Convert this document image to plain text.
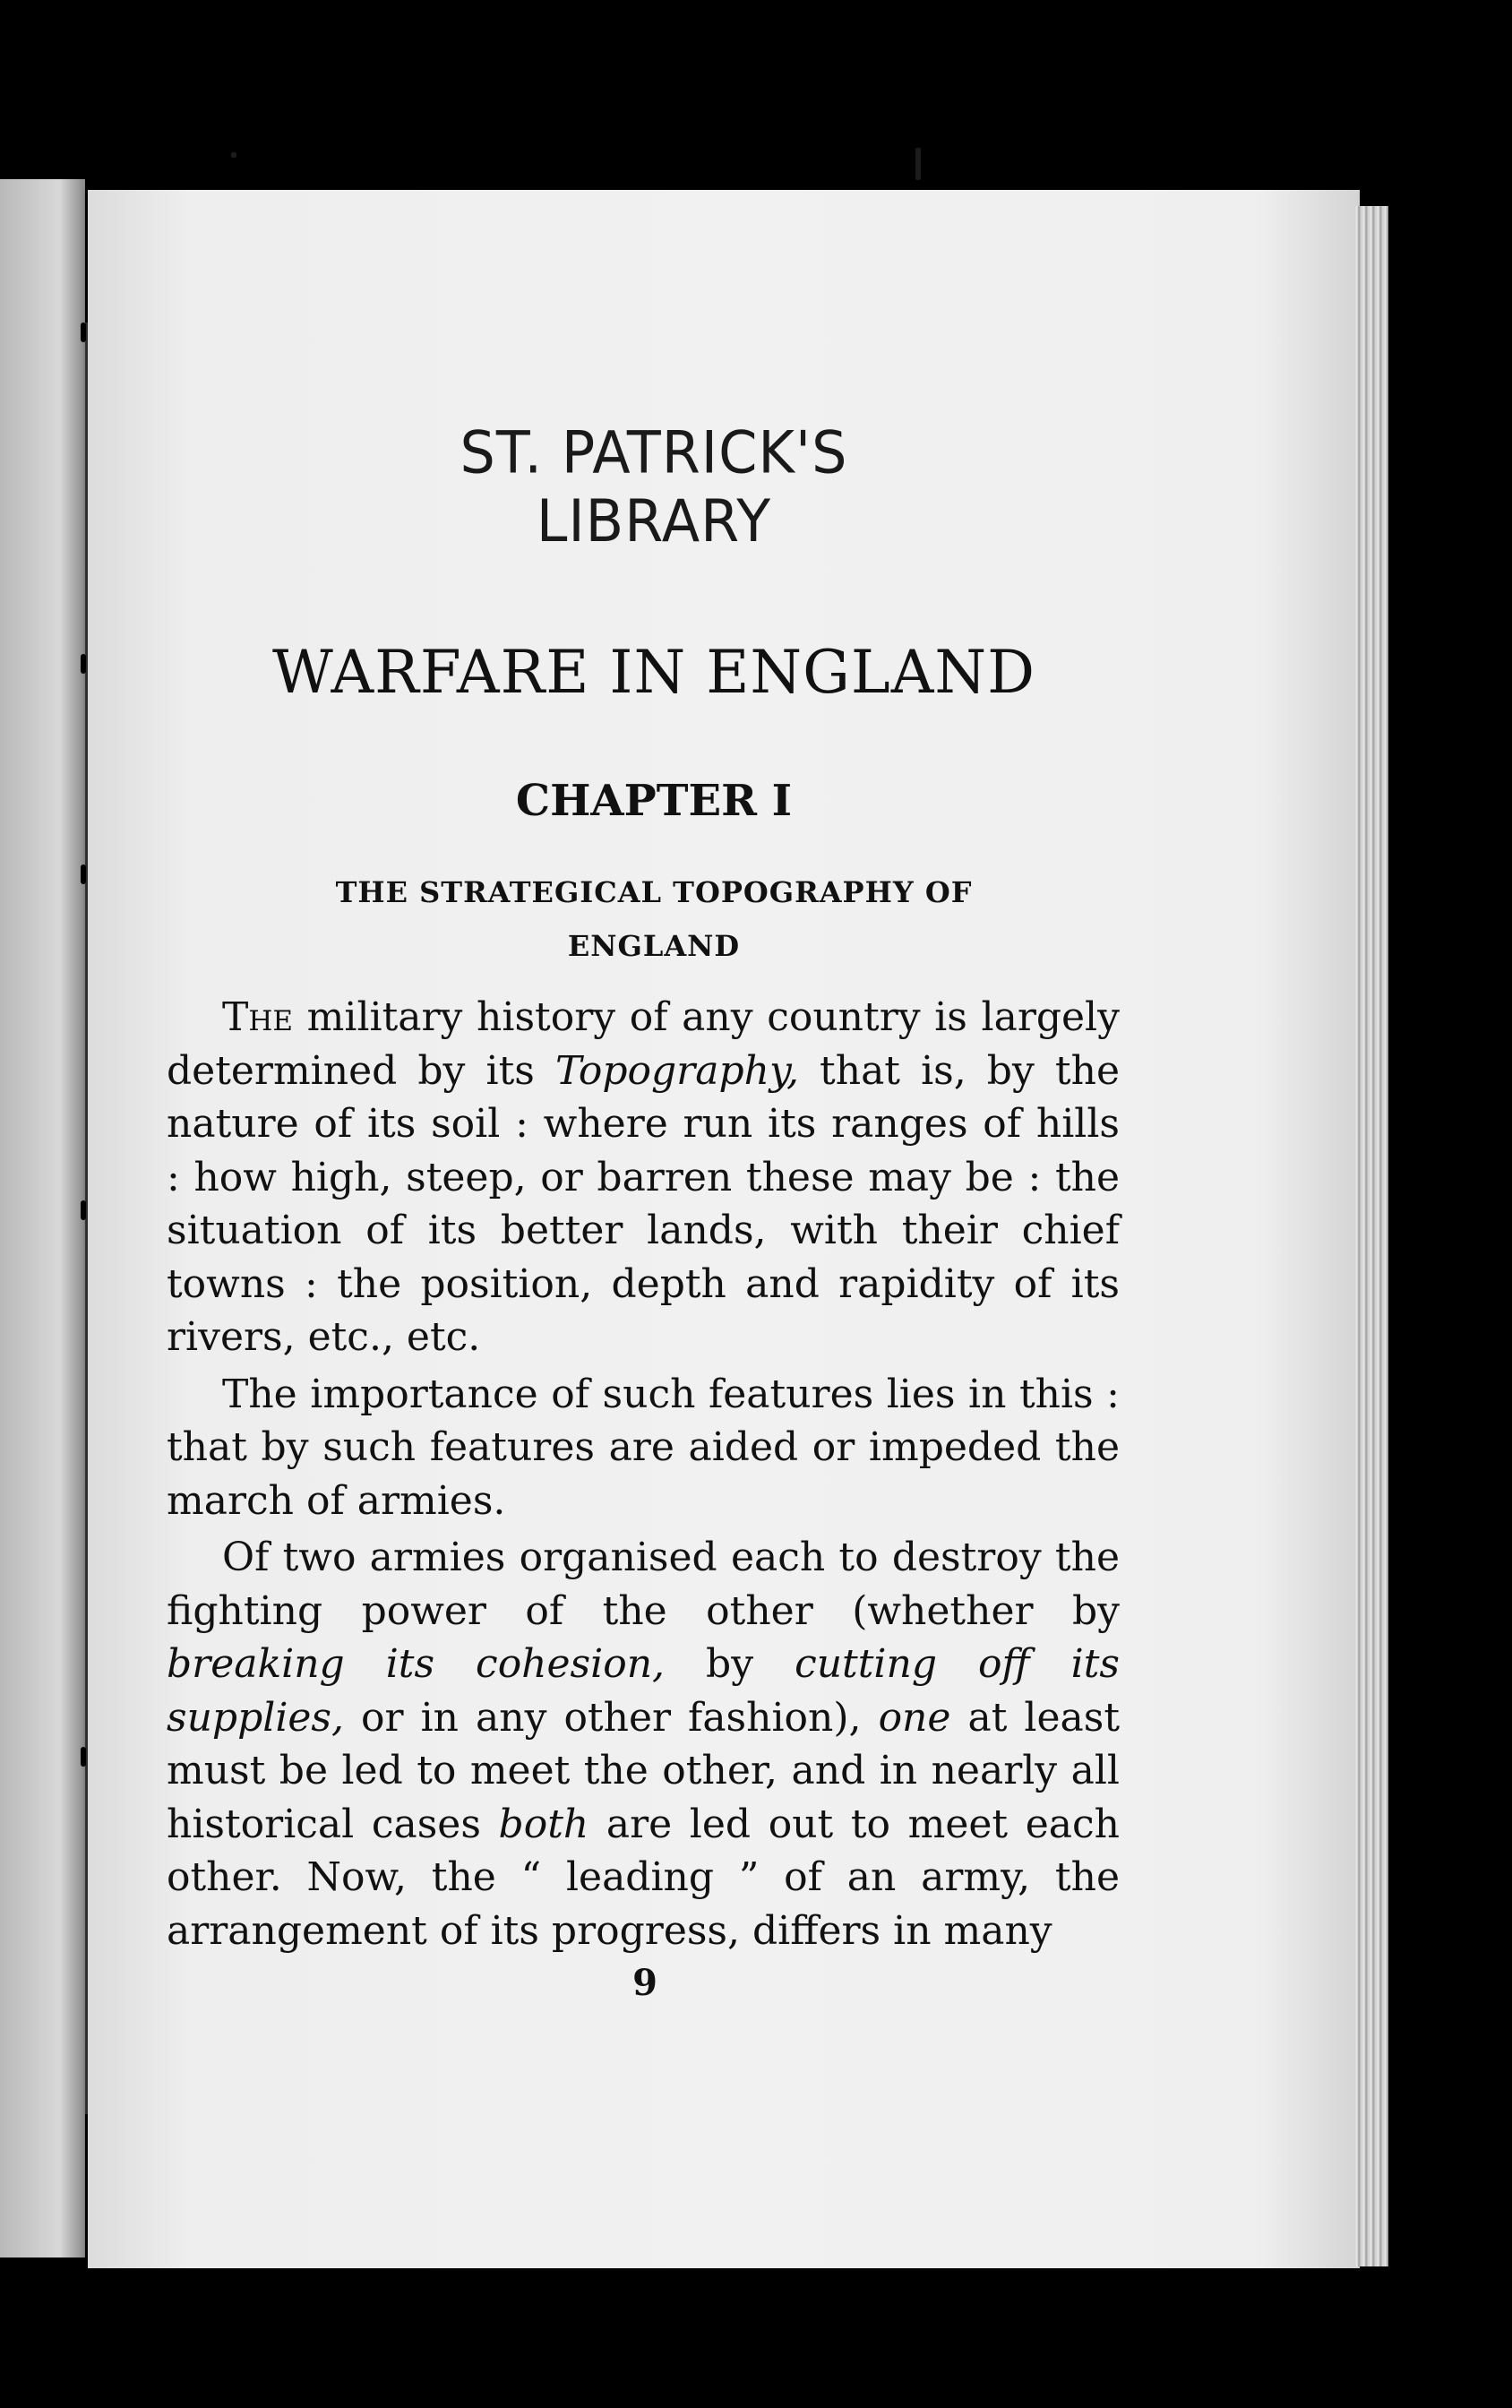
ST. PATRICK'S LIBRARY
WARFARE IN ENGLAND
CHAPTER I
THE STRATEGICAL TOPOGRAPHY OF
ENGLAND

The military history of any country is largely determined by its Topography, that is, by the nature of its soil : where run its ranges of hills : how high, steep, or barren these may be : the situation of its better lands, with their chief towns : the position, depth and rapidity of its rivers, etc., etc.

The importance of such features lies in this : that by such features are aided or impeded the march of armies.

Of two armies organised each to destroy the fighting power of the other (whether by breaking its cohesion, by cutting off its supplies, or in any other fashion), one at least must be led to meet the other, and in nearly all historical cases both are led out to meet each other. Now, the “ leading ” of an army, the arrangement of its progress, differs in many

9
